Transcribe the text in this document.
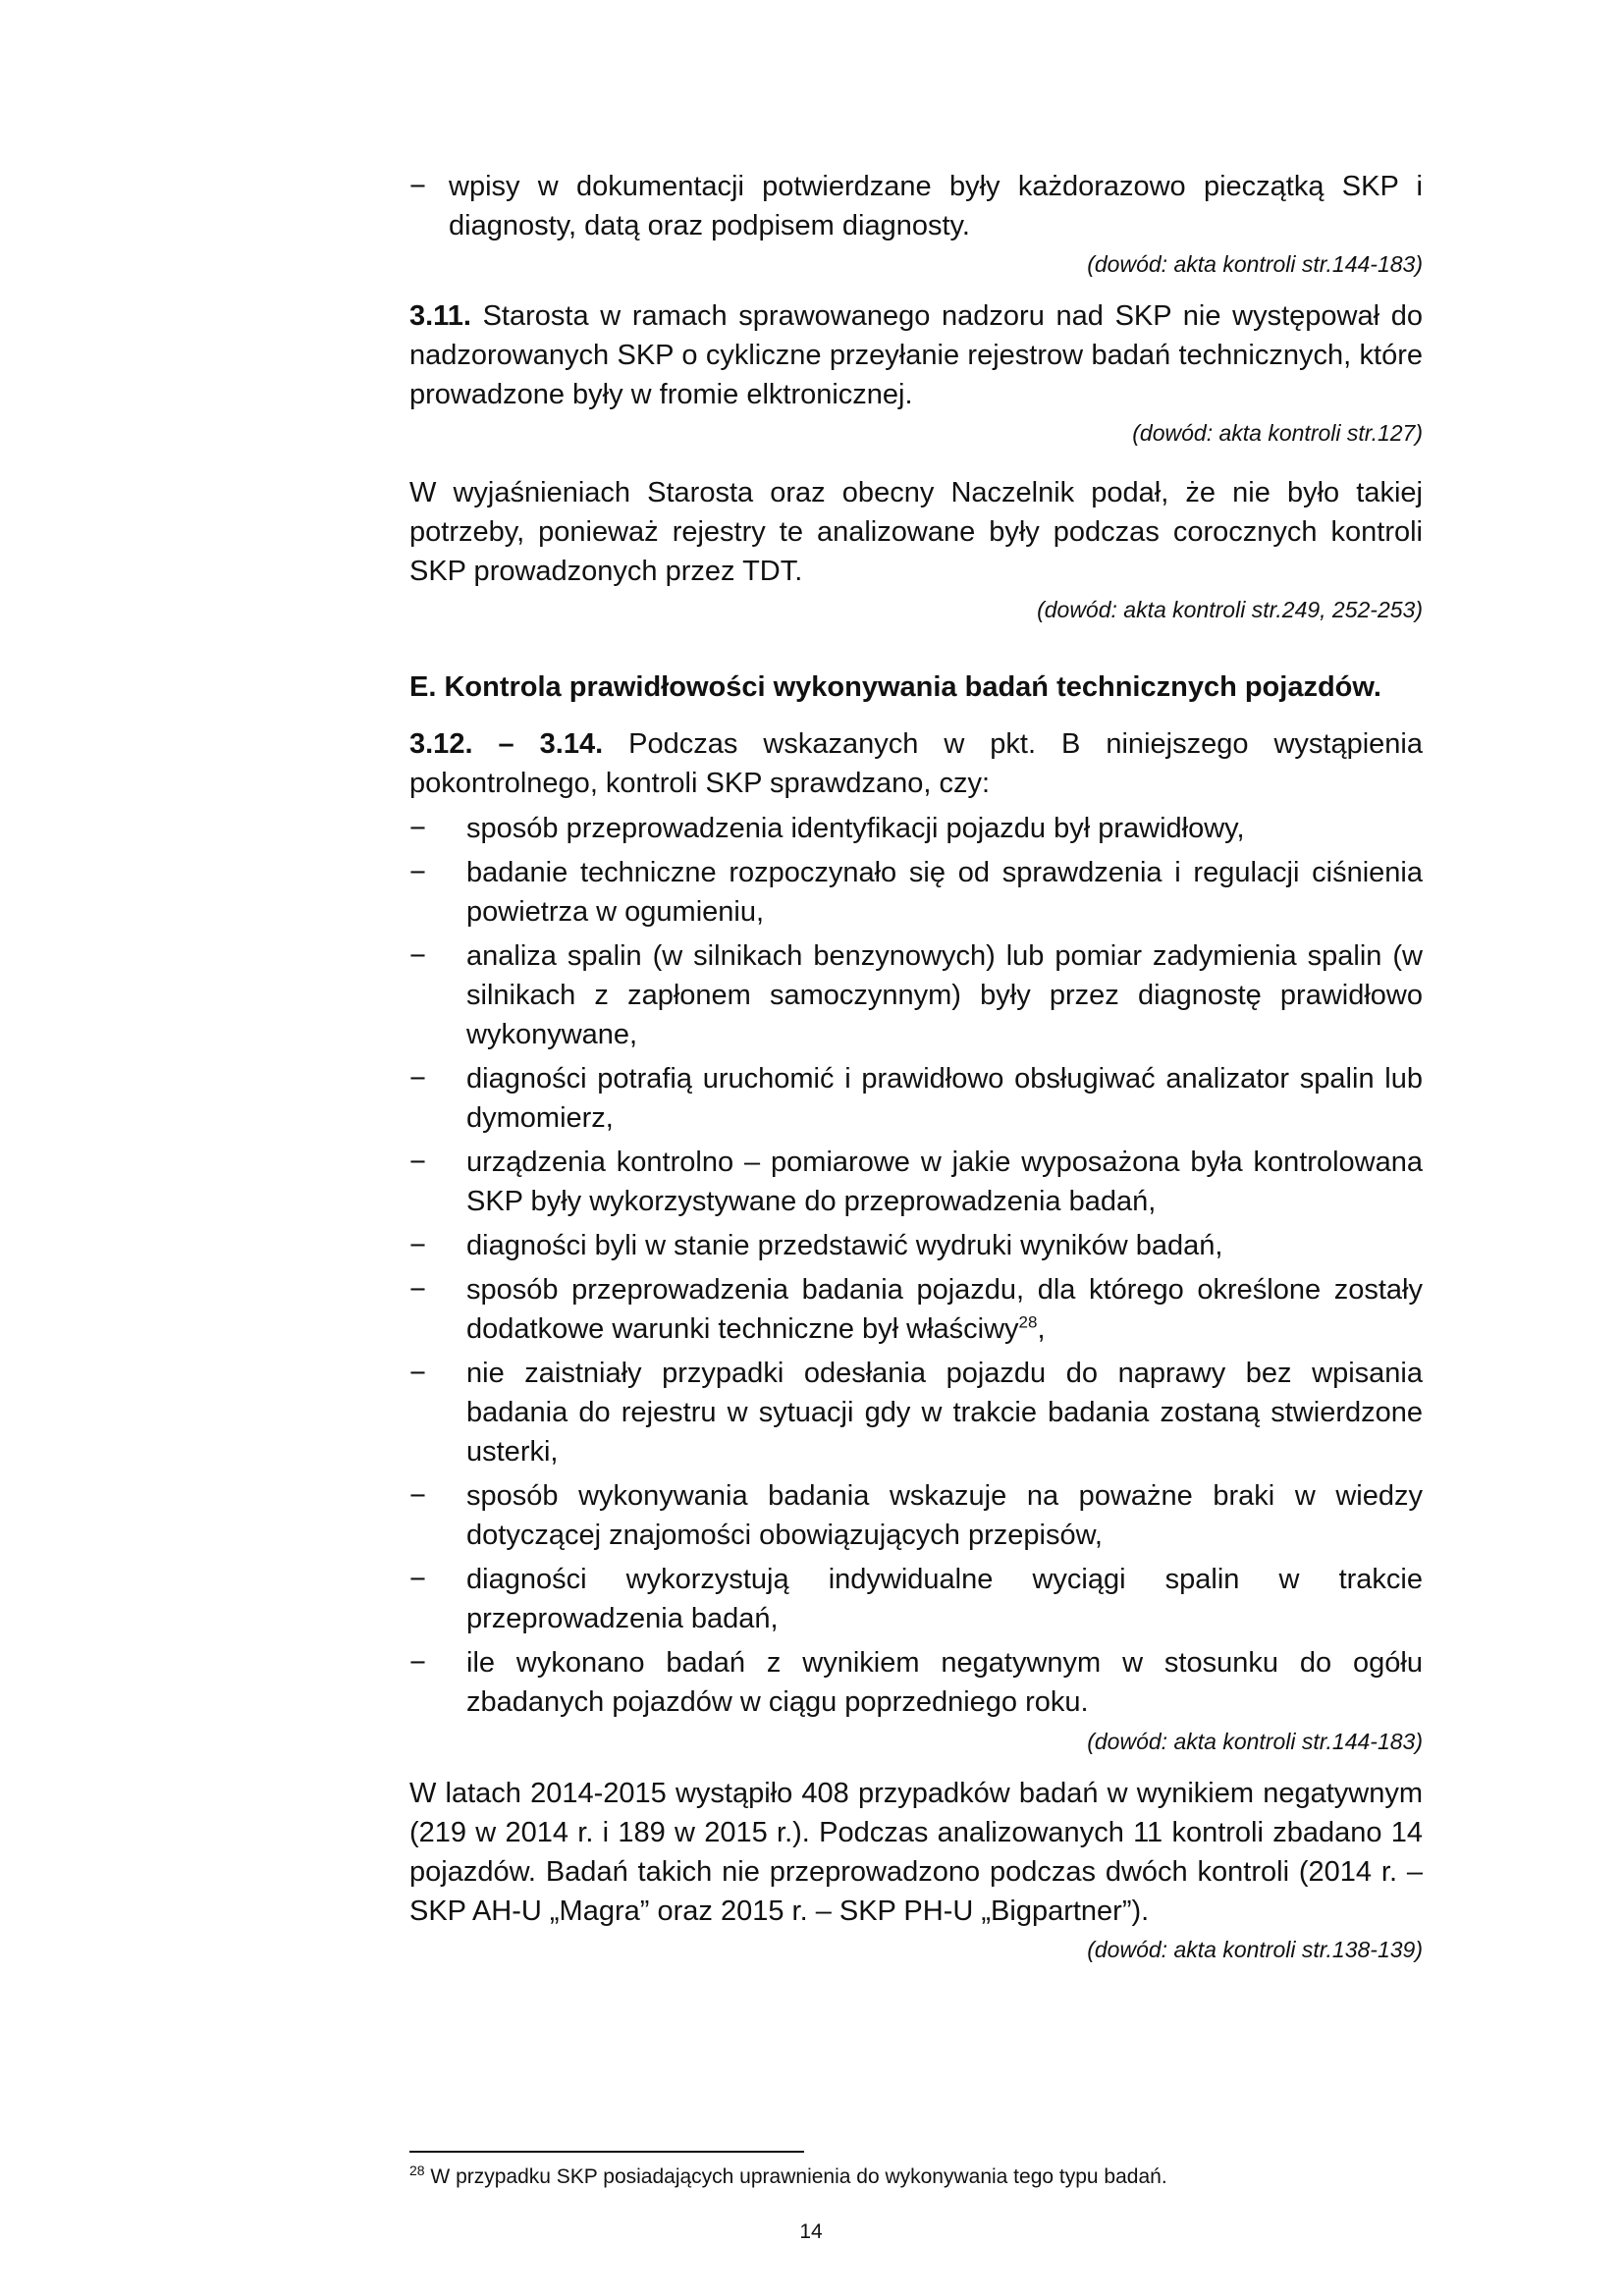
− wpisy w dokumentacji potwierdzane były każdorazowo pieczątką SKP i diagnosty, datą oraz podpisem diagnosty.

(dowód: akta kontroli str.144-183)

3.11. Starosta w ramach sprawowanego nadzoru nad SKP nie występował do nadzorowanych SKP o cykliczne przeyłanie rejestrow badań technicznych, które prowadzone były w fromie elktronicznej.

(dowód: akta kontroli str.127)

W wyjaśnieniach Starosta oraz obecny Naczelnik podał, że nie było takiej potrzeby, ponieważ rejestry te analizowane były podczas corocznych kontroli SKP prowadzonych przez TDT.

(dowód: akta kontroli str.249, 252-253)

E. Kontrola prawidłowości wykonywania badań technicznych pojazdów.

3.12. – 3.14. Podczas wskazanych w pkt. B niniejszego wystąpienia pokontrolnego, kontroli SKP sprawdzano, czy:

−	sposób przeprowadzenia identyfikacji pojazdu był prawidłowy,
−	badanie techniczne rozpoczynało się od sprawdzenia i regulacji ciśnienia powietrza w ogumieniu,
−	analiza spalin (w silnikach benzynowych) lub pomiar zadymienia spalin (w silnikach z zapłonem samoczynnym) były przez diagnostę prawidłowo wykonywane,
−	diagności potrafią uruchomić i prawidłowo obsługiwać analizator spalin lub dymomierz,
−	urządzenia kontrolno – pomiarowe w jakie wyposażona była kontrolowana SKP były wykorzystywane do przeprowadzenia badań,
−	diagności byli w stanie przedstawić wydruki wyników badań,
−	sposób przeprowadzenia badania pojazdu, dla którego określone zostały dodatkowe warunki techniczne był właściwy$^{28}$,
−	nie zaistniały przypadki odesłania pojazdu do naprawy bez wpisania badania do rejestru w sytuacji gdy w trakcie badania zostaną stwierdzone usterki,
−	sposób wykonywania badania wskazuje na poważne braki w wiedzy dotyczącej znajomości obowiązujących przepisów,
−	diagności wykorzystują indywidualne wyciągi spalin w trakcie przeprowadzenia badań,
−	ile wykonano badań z wynikiem negatywnym w stosunku do ogółu zbadanych pojazdów w ciągu poprzedniego roku.

(dowód: akta kontroli str.144-183)

W latach 2014-2015 wystąpiło 408 przypadków badań w wynikiem negatywnym (219 w 2014 r. i 189 w 2015 r.). Podczas analizowanych 11 kontroli zbadano 14 pojazdów. Badań takich nie przeprowadzono podczas dwóch kontroli (2014 r. – SKP AH-U „Magra” oraz 2015 r. – SKP PH-U „Bigpartner”).

(dowód: akta kontroli str.138-139)

$^{28}$ W przypadku SKP posiadających uprawnienia do wykonywania tego typu badań.
14
